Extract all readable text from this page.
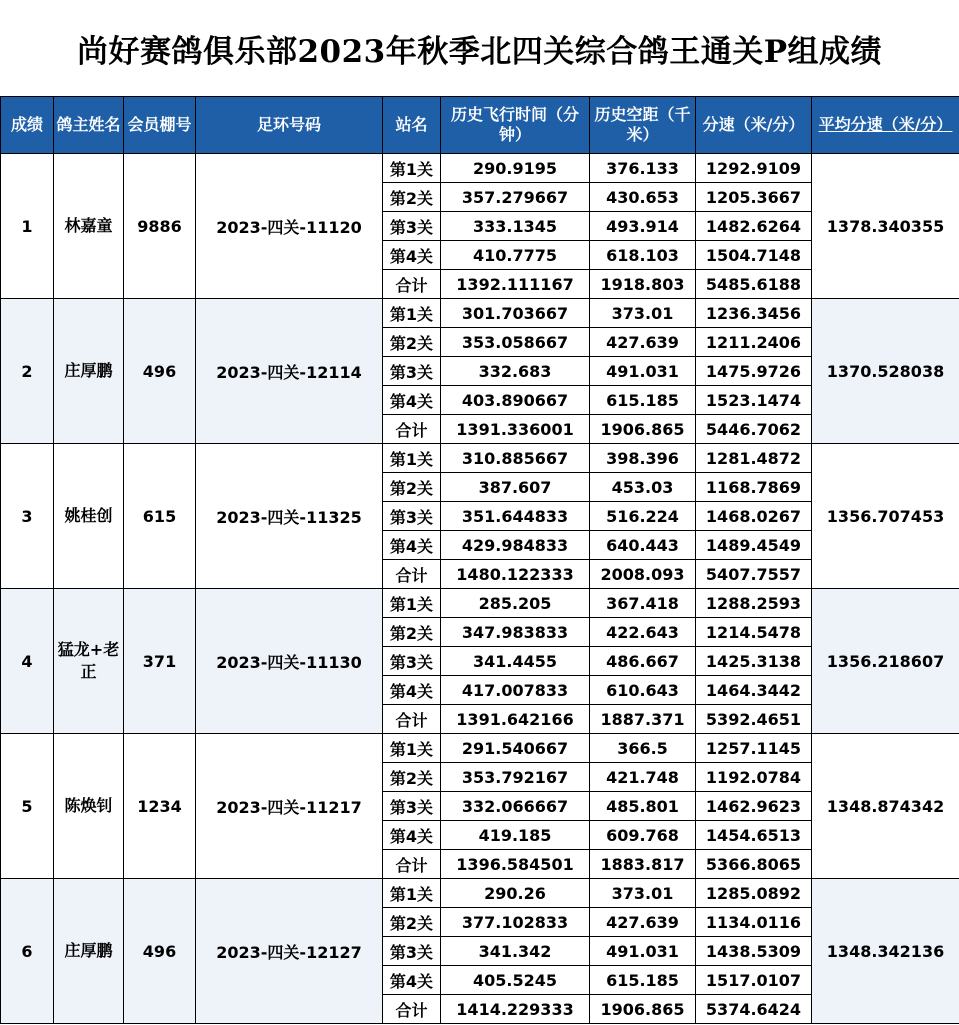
尚好赛鸽俱乐部2023年秋季北四关综合鸽王通关P组成绩
成绩	鸽主姓名	会员棚号	足环号码	站名	历史飞行时间（分钟）	历史空距（千米）	分速（米/分）	平均分速（米/分）
1	林嘉童	9886	2023-四关-11120	第1关	290.9195	376.133	1292.9109	1378.340355
				第2关	357.279667	430.653	1205.3667	
				第3关	333.1345	493.914	1482.6264	
				第4关	410.7775	618.103	1504.7148	
				合计	1392.111167	1918.803	5485.6188	
2	庄厚鹏	496	2023-四关-12114	第1关	301.703667	373.01	1236.3456	1370.528038
				第2关	353.058667	427.639	1211.2406	
				第3关	332.683	491.031	1475.9726	
				第4关	403.890667	615.185	1523.1474	
				合计	1391.336001	1906.865	5446.7062	
3	姚桂创	615	2023-四关-11325	第1关	310.885667	398.396	1281.4872	1356.707453
				第2关	387.607	453.03	1168.7869	
				第3关	351.644833	516.224	1468.0267	
				第4关	429.984833	640.443	1489.4549	
				合计	1480.122333	2008.093	5407.7557	
4	猛龙+老正	371	2023-四关-11130	第1关	285.205	367.418	1288.2593	1356.218607
				第2关	347.983833	422.643	1214.5478	
				第3关	341.4455	486.667	1425.3138	
				第4关	417.007833	610.643	1464.3442	
				合计	1391.642166	1887.371	5392.4651	
5	陈焕钊	1234	2023-四关-11217	第1关	291.540667	366.5	1257.1145	1348.874342
				第2关	353.792167	421.748	1192.0784	
				第3关	332.066667	485.801	1462.9623	
				第4关	419.185	609.768	1454.6513	
				合计	1396.584501	1883.817	5366.8065	
6	庄厚鹏	496	2023-四关-12127	第1关	290.26	373.01	1285.0892	1348.342136
				第2关	377.102833	427.639	1134.0116	
				第3关	341.342	491.031	1438.5309	
				第4关	405.5245	615.185	1517.0107	
				合计	1414.229333	1906.865	5374.6424	
